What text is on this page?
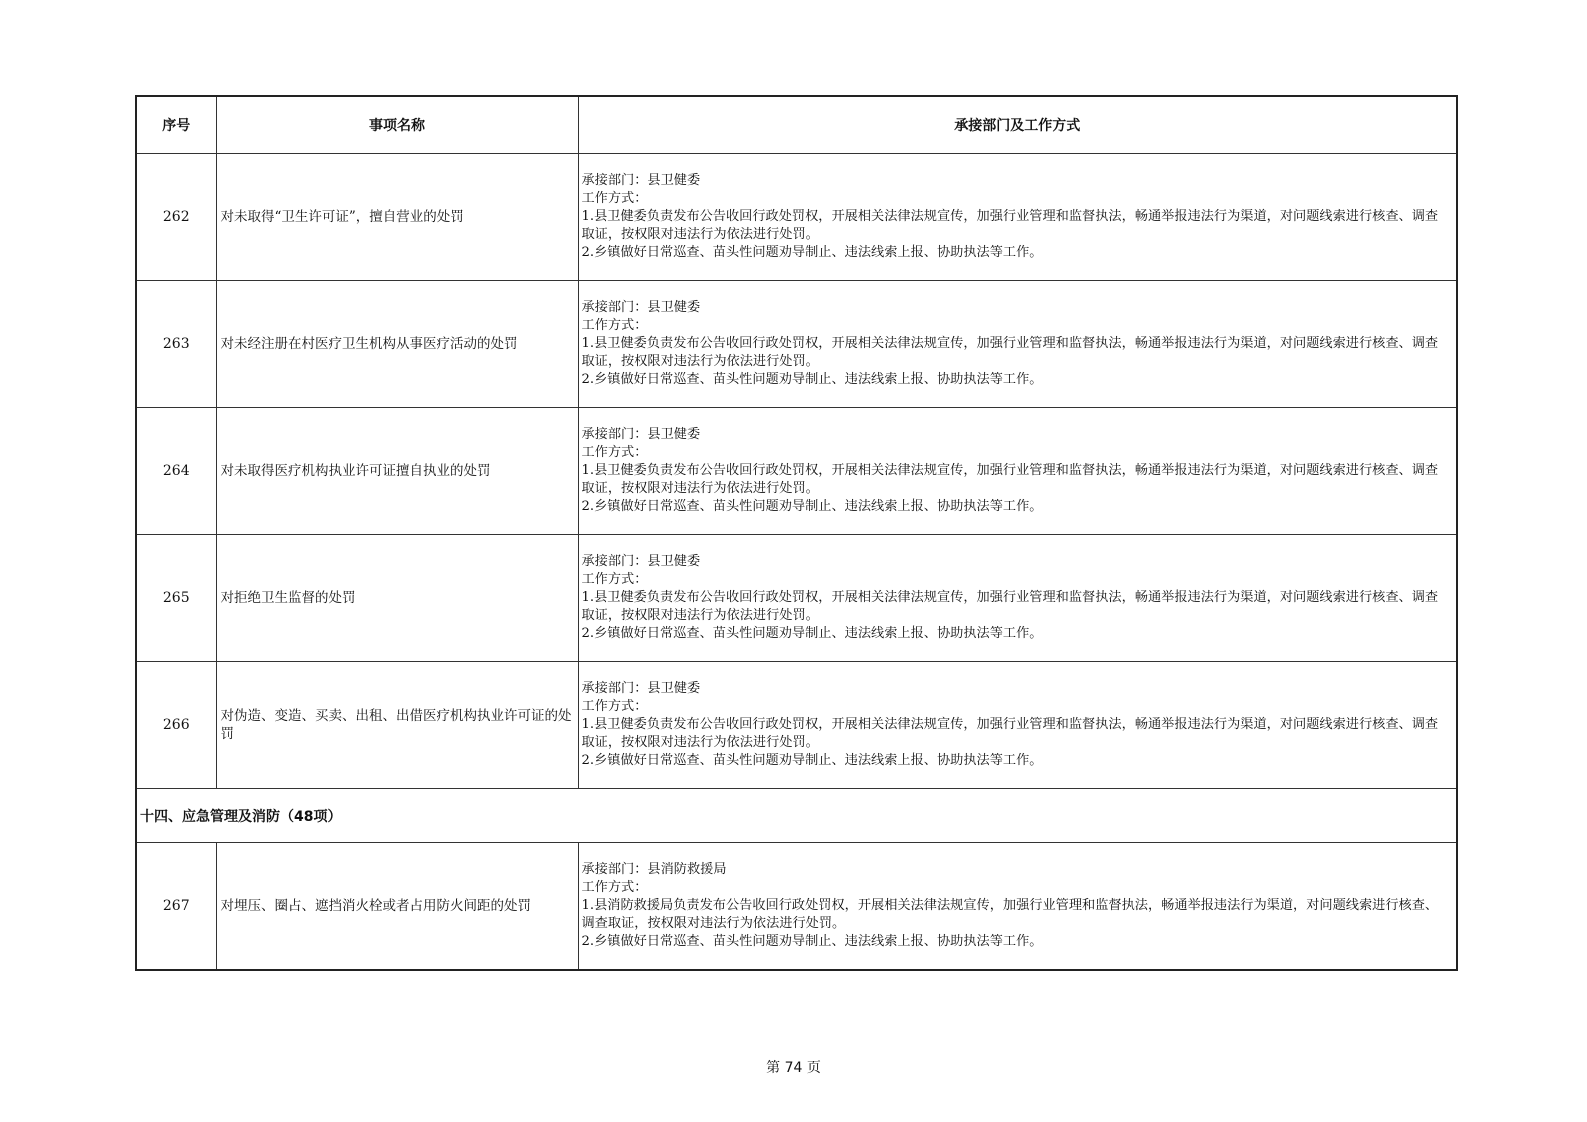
序号	事项名称	承接部门及工作方式
262	对未取得“卫生许可证”，擅自营业的处罚	承接部门：县卫健委
工作方式：
1.县卫健委负责发布公告收回行政处罚权，开展相关法律法规宣传，加强行业管理和监督执法，畅通举报违法行为渠道，对问题线索进行核查、调查取证，按权限对违法行为依法进行处罚。
2.乡镇做好日常巡查、苗头性问题劝导制止、违法线索上报、协助执法等工作。

263	对未经注册在村医疗卫生机构从事医疗活动的处罚	承接部门：县卫健委
工作方式：
1.县卫健委负责发布公告收回行政处罚权，开展相关法律法规宣传，加强行业管理和监督执法，畅通举报违法行为渠道，对问题线索进行核查、调查取证，按权限对违法行为依法进行处罚。
2.乡镇做好日常巡查、苗头性问题劝导制止、违法线索上报、协助执法等工作。

264	对未取得医疗机构执业许可证擅自执业的处罚	承接部门：县卫健委
工作方式：
1.县卫健委负责发布公告收回行政处罚权，开展相关法律法规宣传，加强行业管理和监督执法，畅通举报违法行为渠道，对问题线索进行核查、调查取证，按权限对违法行为依法进行处罚。
2.乡镇做好日常巡查、苗头性问题劝导制止、违法线索上报、协助执法等工作。

265	对拒绝卫生监督的处罚	承接部门：县卫健委
工作方式：
1.县卫健委负责发布公告收回行政处罚权，开展相关法律法规宣传，加强行业管理和监督执法，畅通举报违法行为渠道，对问题线索进行核查、调查取证，按权限对违法行为依法进行处罚。
2.乡镇做好日常巡查、苗头性问题劝导制止、违法线索上报、协助执法等工作。

266	对伪造、变造、买卖、出租、出借医疗机构执业许可证的处罚	承接部门：县卫健委
工作方式：
1.县卫健委负责发布公告收回行政处罚权，开展相关法律法规宣传，加强行业管理和监督执法，畅通举报违法行为渠道，对问题线索进行核查、调查取证，按权限对违法行为依法进行处罚。
2.乡镇做好日常巡查、苗头性问题劝导制止、违法线索上报、协助执法等工作。

十四、应急管理及消防（48项）		
267	对埋压、圈占、遮挡消火栓或者占用防火间距的处罚	承接部门：县消防救援局
工作方式：
1.县消防救援局负责发布公告收回行政处罚权，开展相关法律法规宣传，加强行业管理和监督执法，畅通举报违法行为渠道，对问题线索进行核查、调查取证，按权限对违法行为依法进行处罚。
2.乡镇做好日常巡查、苗头性问题劝导制止、违法线索上报、协助执法等工作。
第 74 页
